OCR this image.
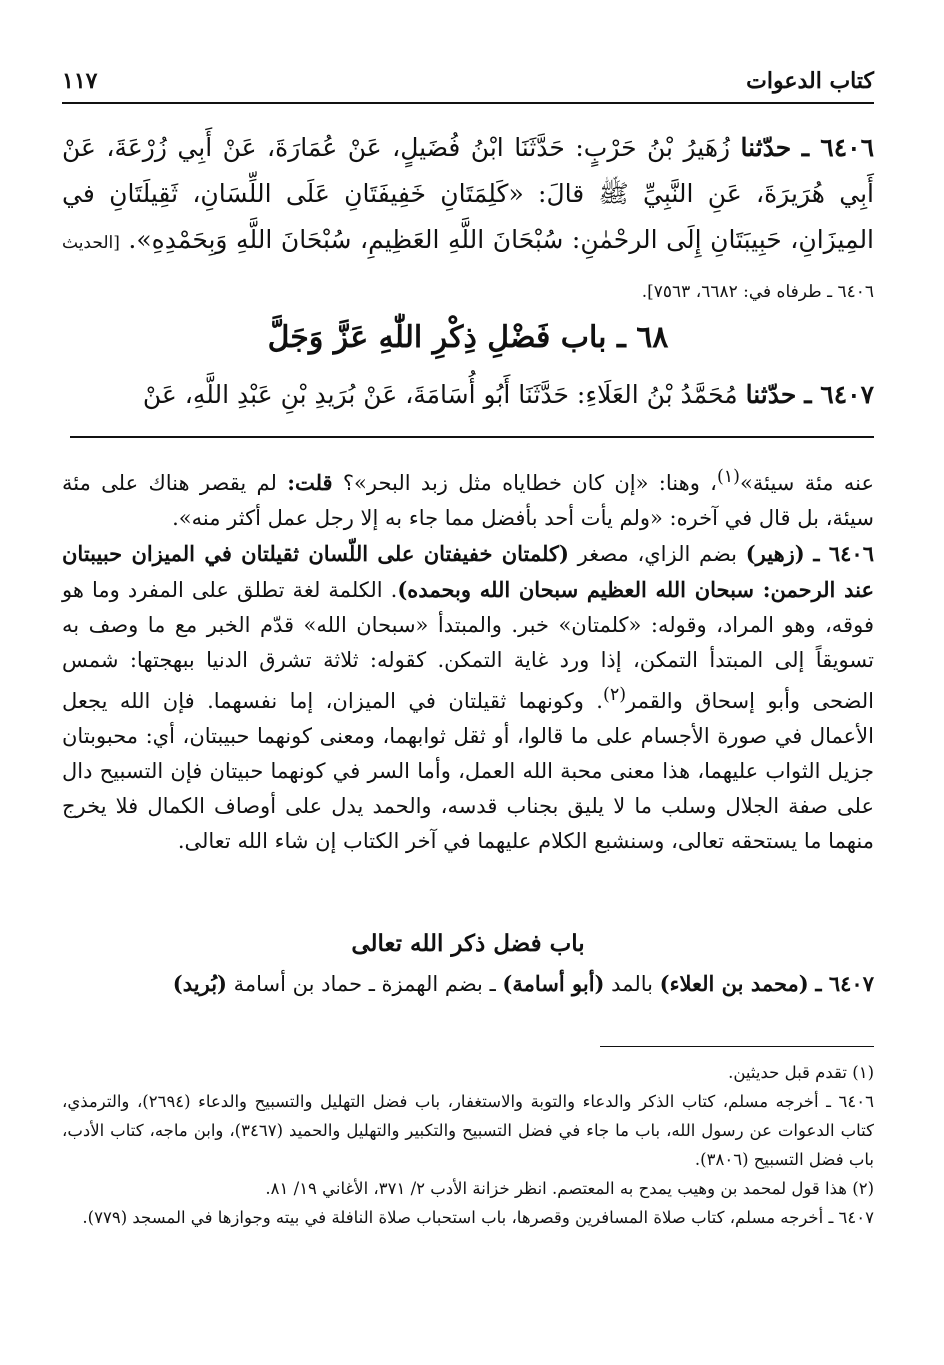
كتاب الدعوات
١١٧
٦٤٠٦ ـ حدّثنا زُهَيرُ بْنُ حَرْبٍ: حَدَّثَنَا ابْنُ فُضَيلٍ، عَنْ عُمَارَةَ، عَنْ أَبِي زُرْعَةَ، عَنْ أَبِي هُرَيرَةَ، عَنِ النَّبِيِّ ﷺ قالَ: «كَلِمَتَانِ خَفِيفَتَانِ عَلَى اللِّسَانِ، ثَقِيلَتَانِ في المِيزَانِ، حَبِيبَتَانِ إِلَى الرحْمٰنِ: سُبْحَانَ اللَّهِ العَظِيمِ، سُبْحَانَ اللَّهِ وَبِحَمْدِهِ». [الحديث ٦٤٠٦ ـ طرفاه في: ٦٦٨٢، ٧٥٦٣].
٦٨ ـ باب فَضْلِ ذِكْرِ اللّٰهِ عَزَّ وَجَلَّ
٦٤٠٧ ـ حدّثنا مُحَمَّدُ بْنُ العَلَاءِ: حَدَّثَنَا أَبُو أُسَامَةَ، عَنْ بُرَيدِ بْنِ عَبْدِ اللَّهِ، عَنْ

عنه مئة سيئة»$^{(١)}$، وهنا: «إن كان خطاياه مثل زبد البحر»؟ قلت: لم يقصر هناك على مئة سيئة، بل قال في آخره: «ولم يأت أحد بأفضل مما جاء به إلا رجل عمل أكثر منه».

٦٤٠٦ ـ (زهير) بضم الزاي، مصغر (كلمتان خفيفتان على اللّسان ثقيلتان في الميزان حبيبتان عند الرحمن: سبحان الله العظيم سبحان الله وبحمده). الكلمة لغة تطلق على المفرد وما هو فوقه، وهو المراد، وقوله: «كلمتان» خبر. والمبتدأ «سبحان الله» قدّم الخبر مع ما وصف به تسويقاً إلى المبتدأ التمكن، إذا ورد غاية التمكن. كقوله: ثلاثة تشرق الدنيا ببهجتها: شمس الضحى وأبو إسحاق والقمر$^{(٢)}$. وكونهما ثقيلتان في الميزان، إما نفسهما. فإن الله يجعل الأعمال في صورة الأجسام على ما قالوا، أو ثقل ثوابهما، ومعنى كونهما حبيبتان، أي: محبوبتان جزيل الثواب عليهما، هذا معنى محبة الله العمل، وأما السر في كونهما حبيتان فإن التسبيح دال على صفة الجلال وسلب ما لا يليق بجناب قدسه، والحمد يدل على أوصاف الكمال فلا يخرج منهما ما يستحقه تعالى، وسنشبع الكلام عليهما في آخر الكتاب إن شاء الله تعالى.

باب فضل ذكر الله تعالى

٦٤٠٧ ـ (محمد بن العلاء) بالمد (أبو أسامة) ـ بضم الهمزة ـ حماد بن أسامة (بُريد)

(١) تقدم قبل حديثين.

٦٤٠٦ ـ أخرجه مسلم، كتاب الذكر والدعاء والتوبة والاستغفار، باب فضل التهليل والتسبيح والدعاء (٢٦٩٤)، والترمذي، كتاب الدعوات عن رسول الله، باب ما جاء في فضل التسبيح والتكبير والتهليل والحميد (٣٤٦٧)، وابن ماجه، كتاب الأدب، باب فضل التسبيح (٣٨٠٦).

(٢) هذا قول لمحمد بن وهيب يمدح به المعتصم. انظر خزانة الأدب ٢/ ٣٧١، الأغاني ١٩/ ٨١.

٦٤٠٧ ـ أخرجه مسلم، كتاب صلاة المسافرين وقصرها، باب استحباب صلاة النافلة في بيته وجوازها في المسجد (٧٧٩).
